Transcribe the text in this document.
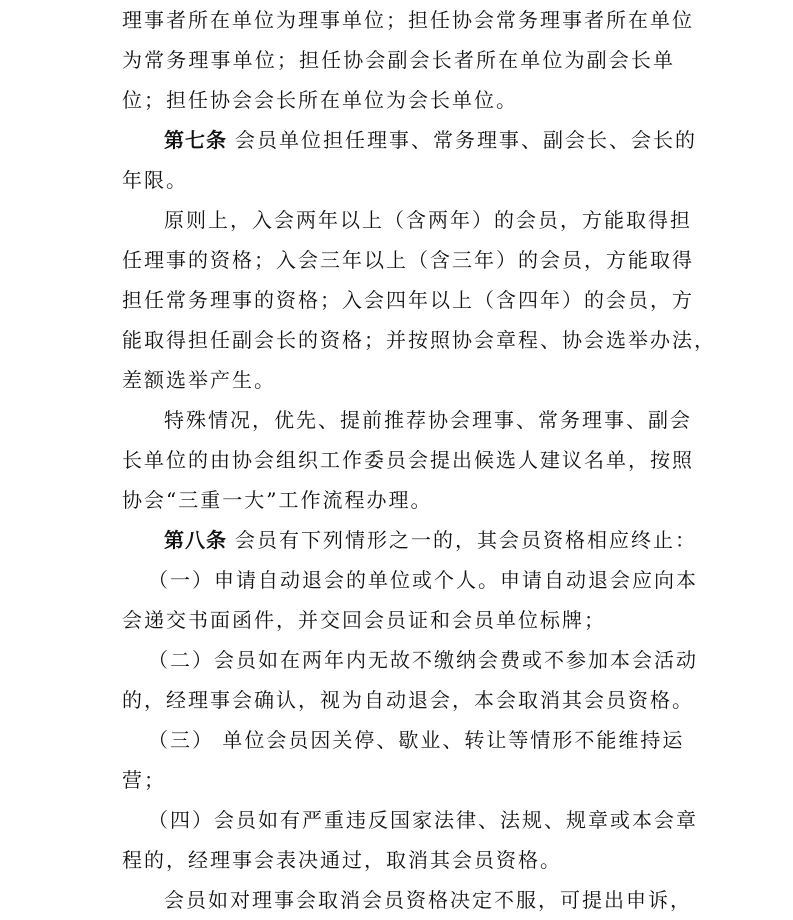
理事者所在单位为理事单位；担任协会常务理事者所在单位
为常务理事单位；担任协会副会长者所在单位为副会长单
位；担任协会会长所在单位为会长单位。
第七条 会员单位担任理事、常务理事、副会长、会长的
年限。
原则上，入会两年以上（含两年）的会员，方能取得担
任理事的资格；入会三年以上（含三年）的会员，方能取得
担任常务理事的资格；入会四年以上（含四年）的会员，方
能取得担任副会长的资格；并按照协会章程、协会选举办法，
差额选举产生。
特殊情况，优先、提前推荐协会理事、常务理事、副会
长单位的由协会组织工作委员会提出候选人建议名单，按照
协会“三重一大”工作流程办理。
第八条 会员有下列情形之一的，其会员资格相应终止：
（一）申请自动退会的单位或个人。申请自动退会应向本
会递交书面函件，并交回会员证和会员单位标牌；
（二）会员如在两年内无故不缴纳会费或不参加本会活动
的，经理事会确认，视为自动退会，本会取消其会员资格。
（三） 单位会员因关停、歇业、转让等情形不能维持运
营；
（四）会员如有严重违反国家法律、法规、规章或本会章
程的，经理事会表决通过，取消其会员资格。
会员如对理事会取消会员资格决定不服，可提出申诉，
